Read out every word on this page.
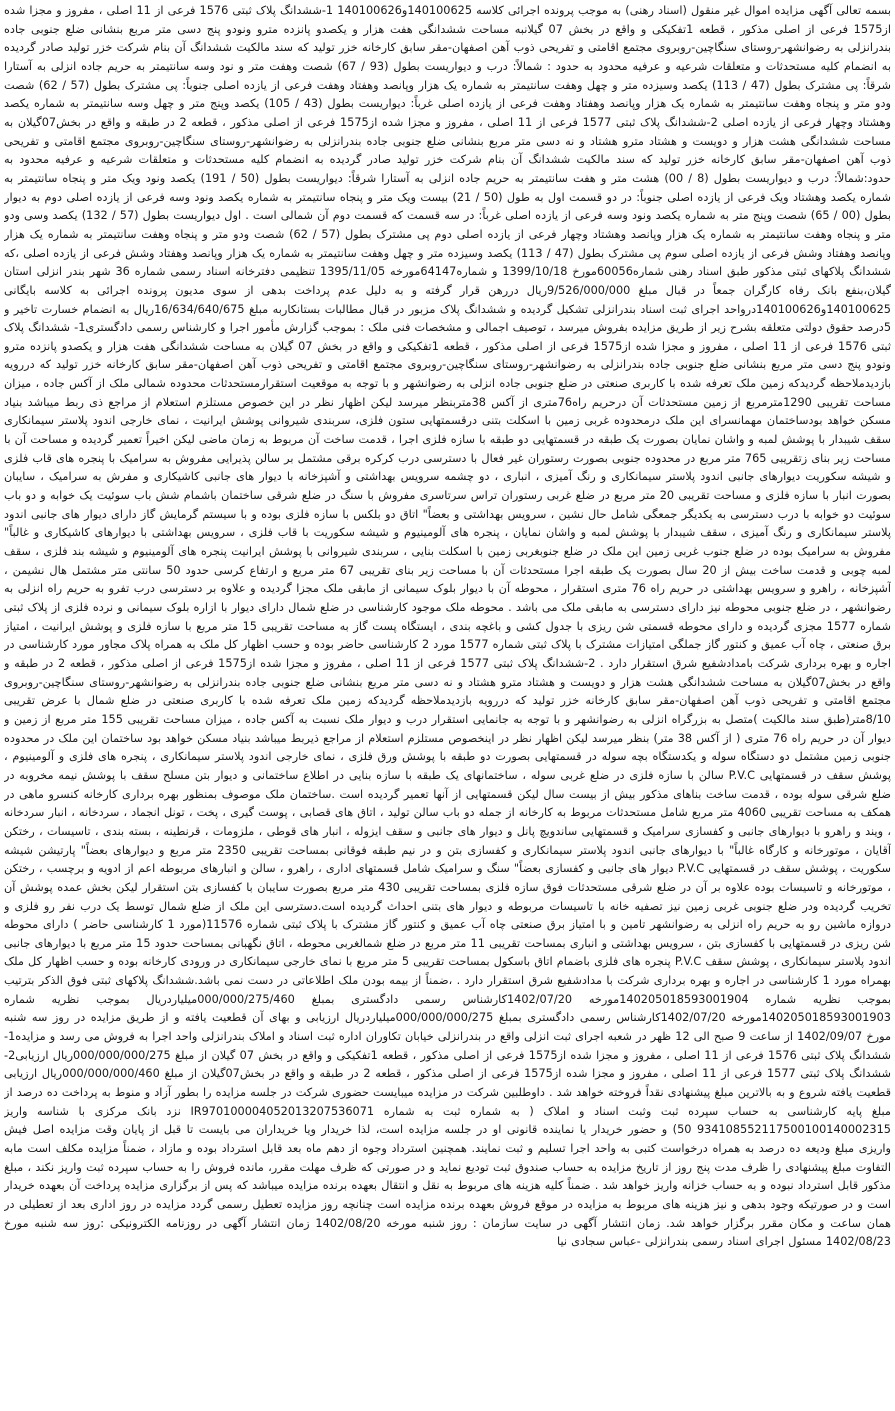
بسمه تعالی آگهی مزایده اموال غیر منقول (اسناد رهنی) به موجب پرونده اجرائی کلاسه 140100625و140100626 1-ششدانگ پلاک ثبتی 1576 فرعی از 11 اصلی ، مفروز و مجزا شده از1575 فرعی از اصلی مذکور ، قطعه 1تفکیکی و واقع در بخش 07 گیلانبه مساحت ششدانگی هفت هزار و یکصدو پانزده مترو ونودو پنج دسی متر مربع بنشانی ضلع جنوبی جاده بندرانزلی به رضوانشهر-روستای سنگاچین-روبروی مجتمع اقامتی و تفریحی ذوب آهن اصفهان-مقر سابق کارخانه خزر تولید که سند مالکیت ششدانگ آن بنام شرکت خزر تولید صادر گردیده به انضمام کلیه مستحدثات و متعلقات شرعیه و عرفیه محدود به حدود : شمالاً: درب و دیواریست بطول (93 / 67) شصت وهفت متر و نود وسه سانتیمتر به حریم جاده انزلی به آستارا شرقاً: پی مشترک بطول (47 / 113) یکصد وسیزده متر و چهل وهفت سانتیمتر به شماره یک هزار وپانصد وهفتاد وهفت فرعی از یازده اصلی جنوباً: پی مشترک بطول (57 / 62) شصت ودو متر و پنجاه وهفت سانتیمتر به شماره یک هزار وپانصد وهفتاد وهفت فرعی از یازده اصلی غرباً: دیواریست بطول (43 / 105) یکصد وپنج متر و چهل وسه سانتیمتر به شماره یکصد وهشتاد وچهار فرعی از یازده اصلی 2-ششدانگ پلاک ثبتی 1577 فرعی از 11 اصلی ، مفروز و مجزا شده از1575 فرعی از اصلی مذکور ، قطعه 2 در طبقه و واقع در بخش07گیلان به مساحت ششدانگی هشت هزار و دویست و هشتاد مترو هشتاد و نه دسی متر مربع بنشانی ضلع جنوبی جاده بندرانزلی به رضوانشهر-روستای سنگاچین-روبروی مجتمع اقامتی و تفریحی ذوب آهن اصفهان-مقر سابق کارخانه خزر تولید که سند مالکیت ششدانگ آن بنام شرکت خزر تولید صادر گردیده به انضمام کلیه مستحدثات و متعلقات شرعیه و عرفیه محدود به حدود:شمالاً: درب و دیواریست بطول (8 / 00) هشت متر و هفت سانتیمتر به حریم جاده انزلی به آستارا شرقاً: دیواریست بطول (50 / 191) یکصد ونود ویک متر و پنجاه سانتیمتر به شماره یکصد وهشتاد ویک فرعی از یازده اصلی جنوباً: در دو قسمت اول به طول (50 / 21) بیست ویک متر و پنجاه سانتیمتر به شماره یکصد ونود وسه فرعی از یازده اصلی دوم به دیوار بطول (00 / 65) شصت وپنج متر به شماره یکصد ونود وسه فرعی از یازده اصلی غرباً: در سه قسمت که قسمت دوم آن شمالی است . اول دیواریست بطول (57 / 132) یکصد وسی ودو متر و پنجاه وهفت سانتیمتر به شماره یک هزار وپانصد وهشتاد وچهار فرعی از یازده اصلی دوم پی مشترک بطول (57 / 62) شصت ودو متر و پنجاه وهفت سانتیمتر به شماره یک هزار وپانصد وهفتاد وشش فرعی از یازده اصلی سوم پی مشترک بطول (47 / 113) یکصد وسیزده متر و چهل وهفت سانتیمتر به شماره یک هزار وپانصد وهفتاد وشش فرعی از یازده اصلی ،که ششدانگ پلاکهای ثبتی مذکور طبق اسناد رهنی شماره60056مورخ 1399/10/18 و شماره64147مورخه 1395/11/05 تنظیمی دفترخانه اسناد رسمی شماره 36 شهر بندر انزلی استان گیلان،بنفع بانک رفاه کارگران جمعاً در قبال مبلغ 9/526/000/000ریال دررهن قرار گرفته و به دلیل عدم پرداخت بدهی از سوی مدیون پرونده اجرائی به کلاسه بایگانی 140100625و140100626درواحد اجرای ثبت اسناد بندرانزلی تشکیل گردیده و ششدانگ پلاک مزبور در قبال مطالبات بستانکاربه مبلغ 16/634/640/675ریال به انضمام خسارت تاخیر و 5درصد حقوق دولتی متعلقه بشرح زیر از طریق مزایده بفروش میرسد ، توصیف اجمالی و مشخصات فنی ملک : بموجب گزارش مأمور اجرا و کارشناس رسمی دادگستری1- ششدانگ پلاک ثبتی 1576 فرعی از 11 اصلی ، مفروز و مجزا شده از1575 فرعی از اصلی مذکور ، قطعه 1تفکیکی و واقع در بخش 07 گیلان به مساحت ششدانگی هفت هزار و یکصدو پانزده مترو ونودو پنج دسی متر مربع بنشانی ضلع جنوبی جاده بندرانزلی به رضوانشهر-روستای سنگاچین-روبروی مجتمع اقامتی و تفریحی ذوب آهن اصفهان-مقر سابق کارخانه خزر تولید که دررویه بازدیدملاحظه گردیدکه زمین ملک تعرفه شده با کاربری صنعتی در ضلع جنوبی جاده انزلی به رضوانشهر و با توجه به موقعیت استقرارمستحدثات محدوده شمالی ملک از آکس جاده ، میزان مساحت تقریبی 1290مترمربع از زمین مستحدثات آن درحریم راه76متری از آکس 38متربنظر میرسد لیکن اظهار نظر در این خصوص مستلزم استعلام از مراجع ذی ربط میباشد بنیاد مسکن خواهد بودساختمان مهمانسرای این ملک درمحدوده غربی زمین با اسکلت بتنی درقسمتهایی ستون فلزی، سربندی شیروانی پوشش ایرانیت ، نمای خارجی اندود پلاستر سیمانکاری سقف شیبدار با پوشش لمبه و واشان نمایان بصورت یک طبقه در قسمتهایی دو طبقه با سازه فلزی اجرا ، قدمت ساخت آن مربوط به زمان ماضی لیکن اخیراً تعمیر گردیده و مساحت آن با مساحت زیر بنای زتقریبی 765 متر مربع در محدوده جنوبی بصورت رستوران غیر فعال با دسترسی درب کرکره برقی مشتمل بر سالن پذیرایی مفروش به سرامیک با پنجره های قاب فلزی و شیشه سکوریت دیوارهای جانبی اندود پلاستر سیمانکاری و رنگ آمیزی ، انباری ، دو چشمه سرویس بهداشتی و آشپزخانه با دیوار های جانبی کاشیکاری و مفرش به سرامیک ، سایبان بصورت انبار با سازه فلزی و مساحت تقریبی 20 متر مربع در ضلع غربی رستوران تراس سرتاسری مفروش با سنگ در ضلع شرقی ساختمان باشمام شش باب سوئیت یک خوابه و دو باب سوئیت دو خوابه با درب دسترسی به یکدیگر جمعگی شامل حال نشین ، سرویس بهداشتی و بعضاً" اتاق دو بلکس با سازه فلزی بوده و با سیستم گرمایش گاز دارای دیوار های جانبی اندود پلاستر سیمانکاری و رنگ آمیزی ، سقف شیبدار با پوشش لمبه و واشان نمایان ، پنجره های آلومینیوم و شیشه سکوریت با قاب فلزی ، سرویس بهداشتی با دیوارهای کاشیکاری و غالباً" مفروش به سرامیک بوده در ضلع جنوب غربی زمین این ملک در ضلع جنوبغربی زمین با اسکلت بنایی ، سربندی شیروانی با پوشش ایرانیت پنجره های آلومینیوم و شیشه بند فلزی ، سقف لمبه چوبی و قدمت ساخت بیش از 20 سال بصورت یک طبقه اجرا مستحدثات آن با مساحت زیر بنای تقریبی 67 متر مربع و ارتفاع کرسی حدود 50 سانتی متر مشتمل هال نشیمن ، آشپزخانه ، راهرو و سرویس بهداشتی در حریم راه 76 متری استقرار ، محوطه آن با دیوار بلوک سیمانی از مابقی ملک مجزا گردیده و علاوه بر دسترسی درب تفرو به حریم راه انزلی به رضوانشهر ، در ضلع جنوبی محوطه نیز دارای دسترسی به مابقی ملک می باشد . محوطه ملک موجود کارشناسی در ضلع شمال دارای دیوار با ازاره بلوک سیمانی و نرده فلزی از پلاک ثبتی شماره 1577 مجزی گردیده و دارای محوطه قسمتی شن ریزی با جدول کشی و باغچه بندی ، ایستگاه پست گاز به مساحت تقریبی 15 متر مربع با سازه فلزی و پوشش ایرانیت ، امتیاز برق صنعتی ، چاه آب عمیق و کنتور گاز جملگی امتیازات مشترک با پلاک ثبتی شماره 1577 مورد 2 کارشناسی حاضر بوده و حسب اظهار کل ملک به همراه پلاک مجاور مورد کارشناسی در اجاره و بهره برداری شرکت بامدادشفیع شرق استقرار دارد . 2-ششدانگ پلاک ثبتی 1577 فرعی از 11 اصلی ، مفروز و مجزا شده از1575 فرعی از اصلی مذکور ، قطعه 2 در طبقه و واقع در بخش07گیلان به مساحت ششدانگی هشت هزار و دویست و هشتاد مترو هشتاد و نه دسی متر مربع بنشانی ضلع جنوبی جاده بندرانزلی به رضوانشهر-روستای سنگاچین-روبروی مجتمع اقامتی و تفریحی ذوب آهن اصفهان-مقر سابق کارخانه خزر تولید که دررویه بازدیدملاحظه گردیدکه زمین ملک تعرفه شده با کاربری صنعتی در ضلع شمال با عرض تقریبی 8/10متر(طبق سند مالکیت )متصل به بزرگراه انزلی به رضوانشهر و با توجه به جانمایی استقرار درب و دیوار ملک نسبت به آکس جاده ، میزان مساحت تقریبی 155 متر مربع از زمین و دیوار آن در حریم راه 76 متری ( از آکس 38 متر) بنظر میرسد لیکن اظهار نظر در اینخصوص مستلزم استعلام از مراجع ذیربط میباشد بنیاد مسکن خواهد بود ساختمان این ملک در محدوده جنوبی زمین مشتمل دو دستگاه سوله و یکدستگاه بچه سوله در قسمتهایی بصورت دو طبقه با پوشش ورق فلزی ، نمای خارجی اندود پلاستر سیمانکاری ، پنجره های فلزی و آلومینیوم ، پوشش سقف در قسمتهایی P.V.C سالن با سازه فلزی در ضلع غربی سوله ، ساختمانهای یک طبقه با سازه بنایی در اطلاع ساختمانی و دیوار بتن مسلح سقف با پوشش نیمه مخروبه در ضلع شرقی سوله بوده ، قدمت ساخت بناهای مذکور بیش از بیست سال لیکن قسمتهایی از آنها تعمیر گردیده است .ساختمان ملک موصوف بمنظور بهره برداری کارخانه کنسرو ماهی در همکف به مساحت تقریبی 4060 متر مربع شامل مستحدثات مربوط به کارخانه از جمله دو باب سالن تولید ، اتاق های قصابی ، پوست گیری ، پخت ، تونل انجماد ، سردخانه ، انبار سردخانه ، ویند و راهرو با دیوارهای جانبی و کفسازی سرامیک و قسمتهایی ساندویچ پانل و دیوار های جانبی و سقف ایزوله ، انبار های قوطی ، ملزومات ، قرنطینه ، بسته بندی ، تاسیسات ، رختکن آقایان ، موتورخانه و کارگاه غالباً" با دیوارهای جانبی اندود پلاستر سیمانکاری و کفسازی بتن و در نیم طبقه فوقانی بمساحت تقریبی 2350 متر مربع و دیوارهای بعضاً" پارتیشن شیشه سکوریت ، پوشش سقف در قسمتهایی P.V.C دیوار های جانبی و کفسازی بعضاً" سنگ و سرامیک شامل قسمتهای اداری ، راهرو ، سالن و انبارهای مربوطه اعم از ادویه و برچسب ، رختکن ، موتورخانه و تاسیسات بوده علاوه بر آن در ضلع شرقی مستحدثات فوق سازه فلزی بمساحت تقریبی 430 متر مربع بصورت سایبان با کفسازی بتن استقرار لیکن بخش عمده پوشش آن تخریب گردیده ودر ضلع جنوبی غربی زمین نیز تصفیه خانه با تاسیسات مربوطه و دیوار های بتنی احداث گردیده است.دسترسی این ملک از ضلع شمال توسط یک درب نفر رو فلزی و دروازه ماشین رو به حریم راه انزلی به رضوانشهر تامین و با امتیاز برق صنعتی چاه آب عمیق و کنتور گاز مشترک با پلاک ثبتی شماره 11576(مورد 1 کارشناسی حاضر ) دارای محوطه شن ریزی در قسمتهایی با کفسازی بتن ، سرویس بهداشتی و انباری بمساحت تقریبی 11 متر مربع در ضلع شمالغربی محوطه ، اتاق نگهبانی بمساحت حدود 15 متر مربع با دیوارهای جانبی اندود پلاستر سیمانکاری ، پوشش سقف P.V.C پنجره های فلزی باضمام اتاق باسکول بمساحت تقریبی 5 متر مربع با نمای خارجی سیمانکاری در ورودی کارخانه بوده و حسب اظهار کل ملک بهمراه مورد 1 کارشناسی در اجاره و بهره برداری شرکت با مدادشفیع شرق استقرار دارد . ،ضمناً از بیمه بودن ملک اطلاعاتی در دست نمی باشد.ششدانگ پلاکهای ثبتی فوق الذکر بترتیب بموجب نظریه شماره 140205018593001904مورخه 1402/07/20کارشناس رسمی دادگستری بمبلغ 000/000/275/460میلیاردریال بموجب نظریه شماره 140205018593001903مورخه 1402/07/20کارشناس رسمی دادگستری بمبلغ 000/000/000/275میلیاردریال ارزیابی و بهای آن قطعیت یافته و از طریق مزایده در روز سه شنبه مورخ 1402/09/07 از ساعت 9 صبح الی 12 ظهر در شعبه اجرای ثبت انزلی واقع در بندرانزلی خیابان تکاوران اداره ثبت اسناد و املاک بندرانزلی واحد اجرا به فروش می رسد و مزایده1-ششدانگ پلاک ثبتی 1576 فرعی از 11 اصلی ، مفروز و مجزا شده از1575 فرعی از اصلی مذکور ، قطعه 1تفکیکی و واقع در بخش 07 گیلان از مبلغ 000/000/000/275ریال ارزیابی2- ششدانگ پلاک ثبتی 1577 فرعی از 11 اصلی ، مفروز و مجزا شده از1575 فرعی از اصلی مذکور ، قطعه 2 در طبقه و واقع در بخش07گیلان از مبلغ 000/000/000/460ریال ارزیابی قطعیت یافته شروع و به بالاترین مبلغ پیشنهادی نقداً فروخته خواهد شد . داوطلبین شرکت در مزایده میبایست حضوری شرکت در جلسه مزایده را بطور آزاد و منوط به پرداخت ده درصد از مبلغ پایه کارشناسی به حساب سپرده ثبت وثبت اسناد و املاک ( به شماره ثبت به شماره IR970100004052013207536071 نزد بانک مرکزی با شناسه واریز 934108552117500100140002315 50) و حضور خریدار یا نماینده قانونی او در جلسه مزایده است، لذا خریدار ویا خریداران می بایست تا قبل از پایان وقت مزایده اصل فیش واریزی مبلغ ودیعه ده درصد به همراه درخواست کتبی به واحد اجرا تسلیم و ثبت نمایند. همچنین استرداد وجوه از دهم ماه بعد قابل استرداد بوده و مازاد ، ضمناً مزایده مکلف است مابه التفاوت مبلغ پیشنهادی را ظرف مدت پنج روز از تاریخ مزایده به حساب صندوق ثبت تودیع نماید و در صورتی که ظرف مهلت مقرر، مانده فروش را به حساب سپرده ثبت واریز نکند ، مبلغ مذکور قابل استرداد نبوده و به حساب خزانه واریز خواهد شد . ضمناً کلیه هزینه های مربوط به نقل و انتقال بعهده برنده مزایده میباشد که پس از برگزاری مزایده پرداخت آن بعهده خریدار است و در صورتیکه وجود بدهی و نیز هزینه های مربوط به مزایده در موقع فروش بعهده برنده مزایده است چنانچه روز مزایده تعطیل رسمی گردد مزایده در روز اداری بعد از تعطیلی در همان ساعت و مکان مقرر برگزار خواهد شد. زمان انتشار آگهی در سایت سازمان : روز شنبه مورخه 1402/08/20 زمان انتشار آگهی در روزنامه الکترونیکی :روز سه شنبه مورخ 1402/08/23 مسئول اجرای اسناد رسمی بندرانزلی -عباس سجادی نیا
